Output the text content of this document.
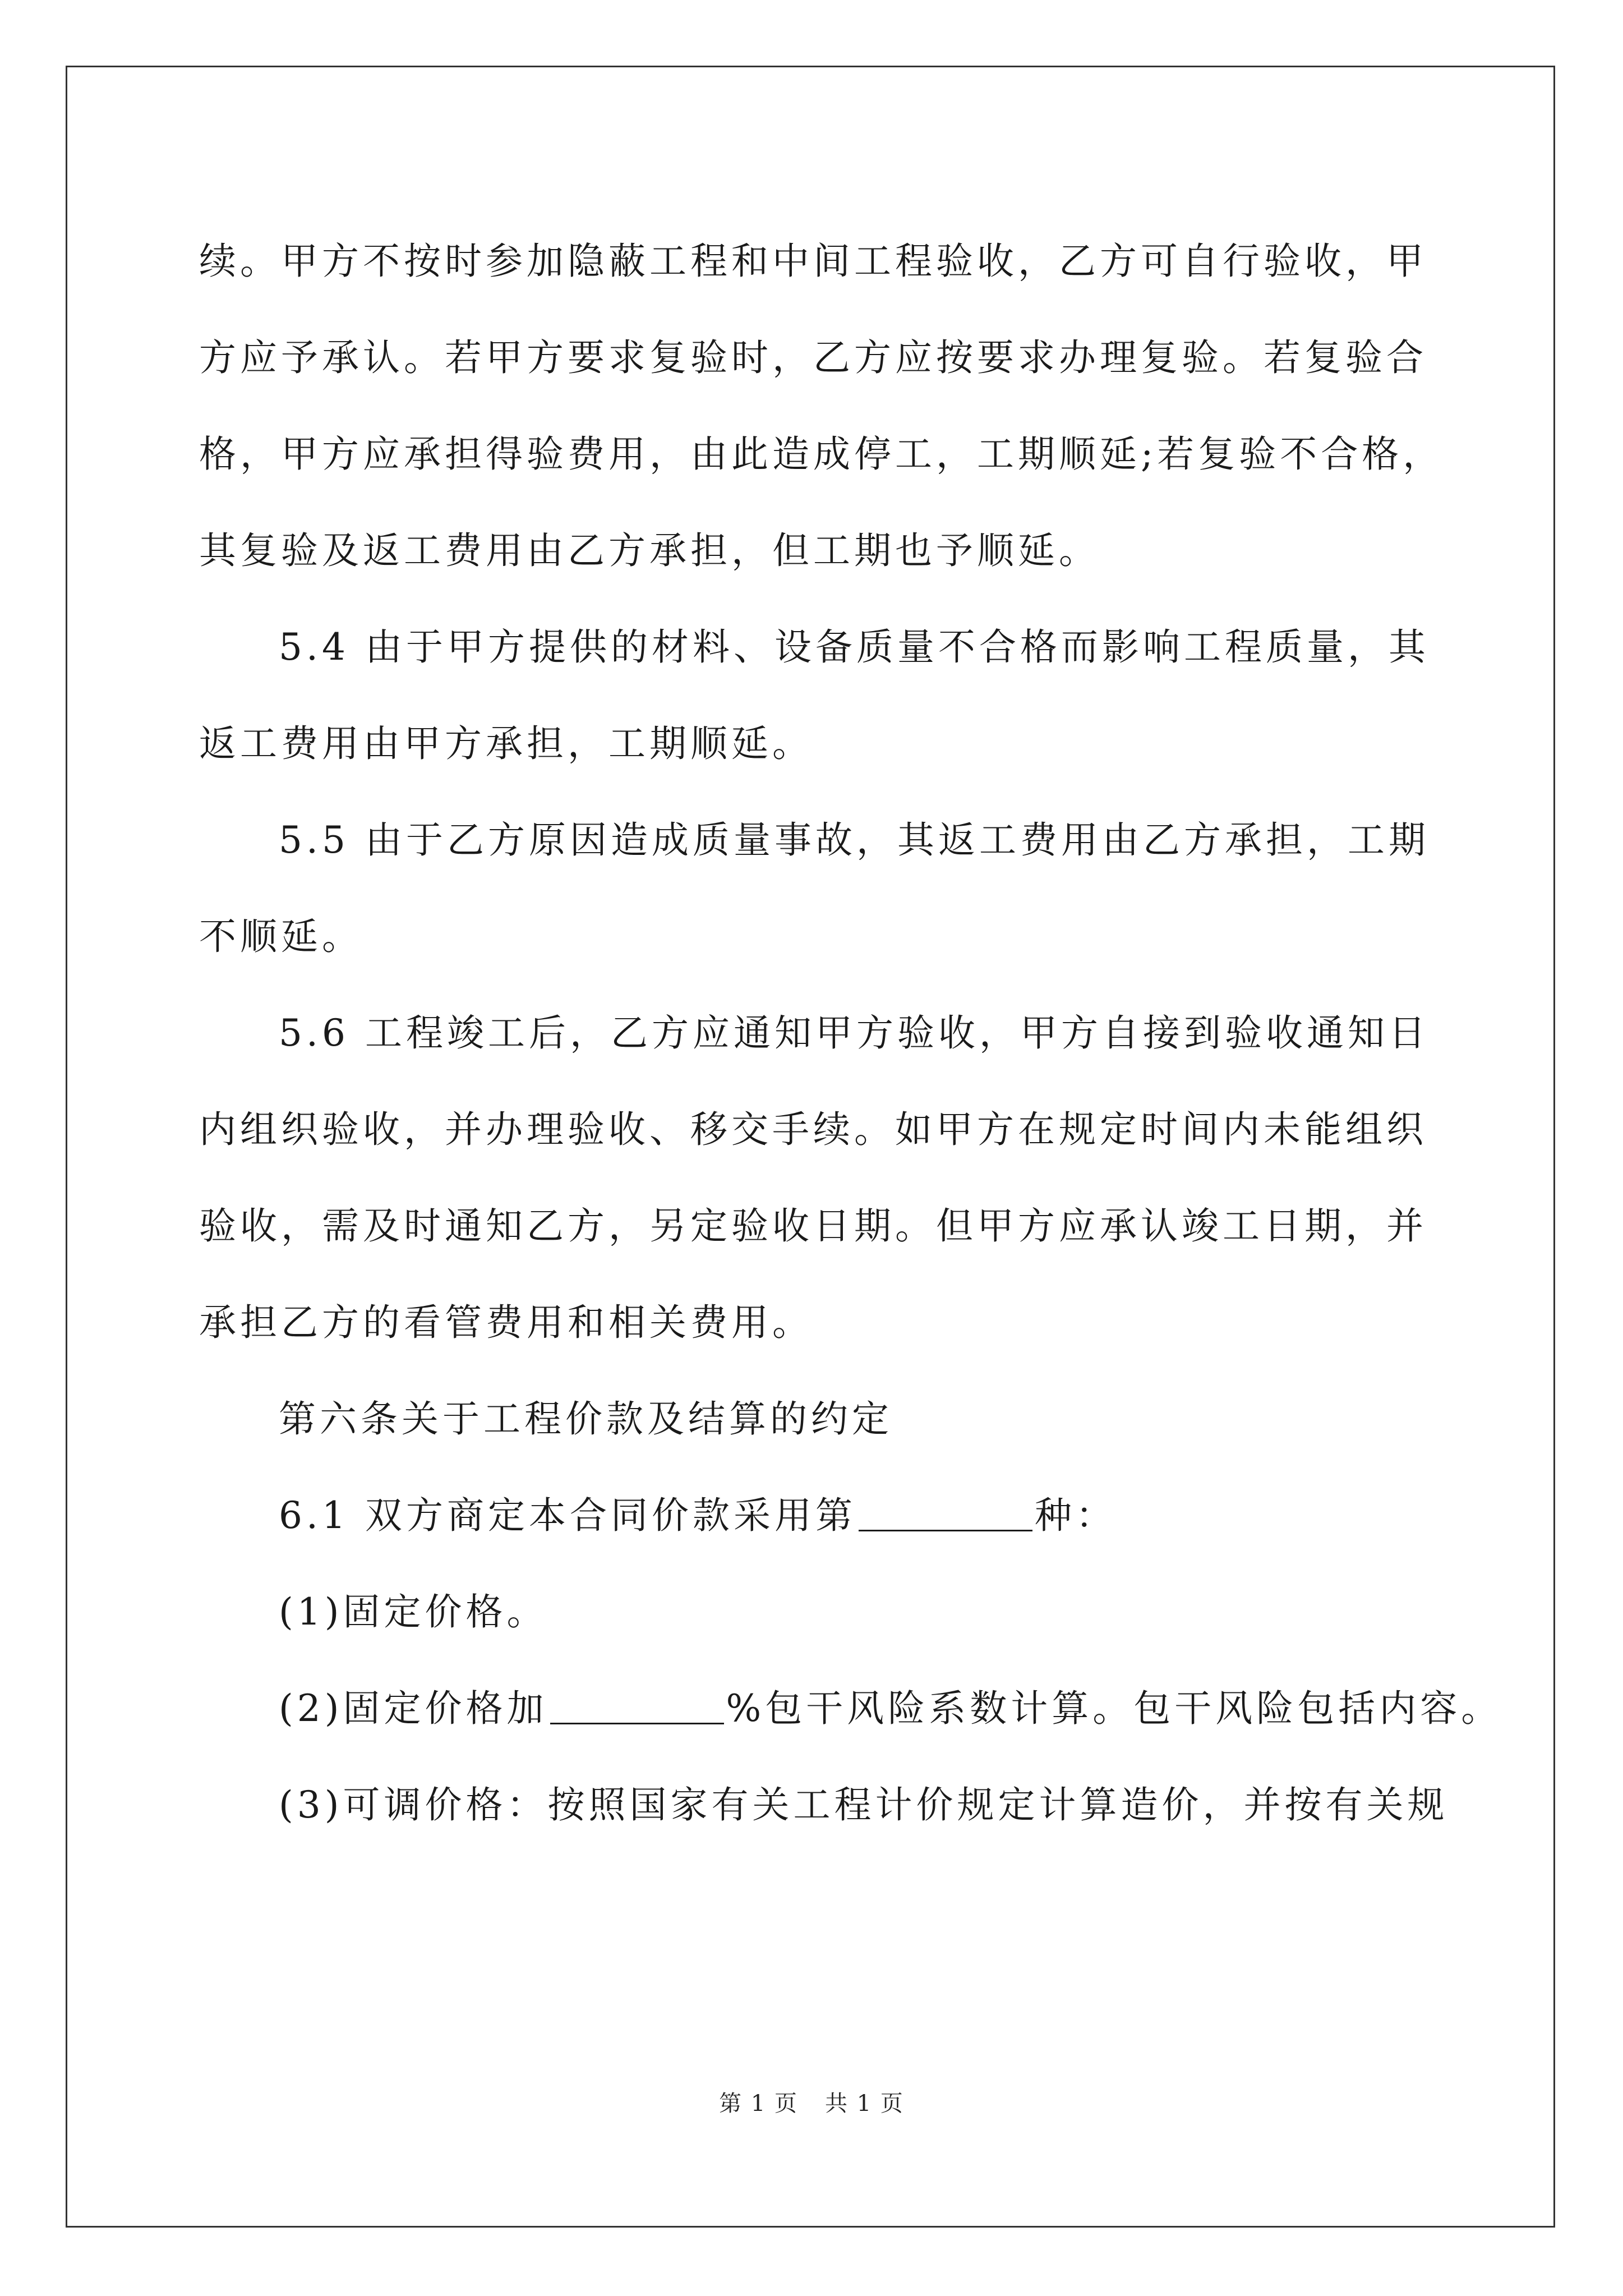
续。甲方不按时参加隐蔽工程和中间工程验收，乙方可自行验收，甲
方应予承认。若甲方要求复验时，乙方应按要求办理复验。若复验合
格，甲方应承担得验费用，由此造成停工，工期顺延;若复验不合格，
其复验及返工费用由乙方承担，但工期也予顺延。
5.4 由于甲方提供的材料、设备质量不合格而影响工程质量，其
返工费用由甲方承担，工期顺延。
5.5 由于乙方原因造成质量事故，其返工费用由乙方承担，工期
不顺延。
5.6 工程竣工后，乙方应通知甲方验收，甲方自接到验收通知日
内组织验收，并办理验收、移交手续。如甲方在规定时间内未能组织
验收，需及时通知乙方，另定验收日期。但甲方应承认竣工日期，并
承担乙方的看管费用和相关费用。
第六条关于工程价款及结算的约定
6.1 双方商定本合同价款采用第	种：
(1)固定价格。
(2)固定价格加	%包干风险系数计算。包干风险包括内容。
(3)可调价格：按照国家有关工程计价规定计算造价，并按有关规
第 1 页 共 1 页
